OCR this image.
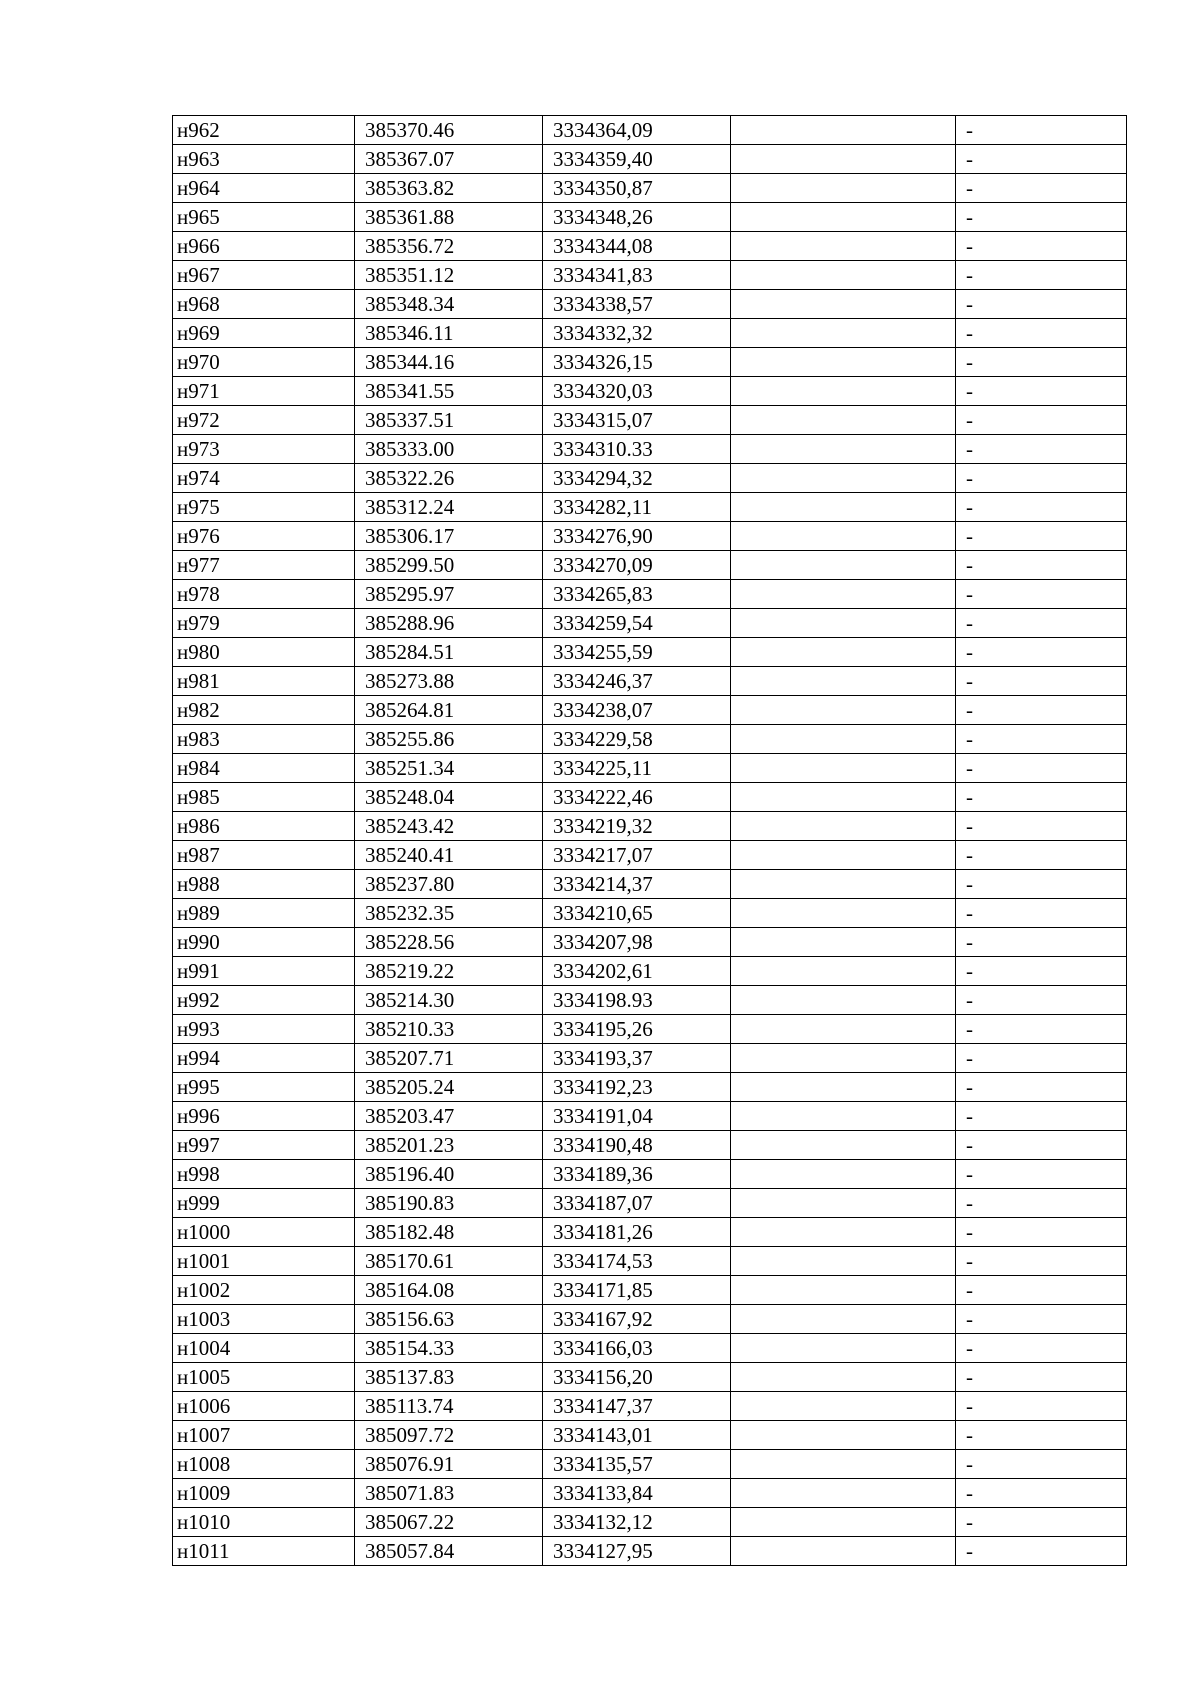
н962	385370.46	3334364,09		-
н963	385367.07	3334359,40		-
н964	385363.82	3334350,87		-
н965	385361.88	3334348,26		-
н966	385356.72	3334344,08		-
н967	385351.12	3334341,83		-
н968	385348.34	3334338,57		-
н969	385346.11	3334332,32		-
н970	385344.16	3334326,15		-
н971	385341.55	3334320,03		-
н972	385337.51	3334315,07		-
н973	385333.00	3334310.33		-
н974	385322.26	3334294,32		-
н975	385312.24	3334282,11		-
н976	385306.17	3334276,90		-
н977	385299.50	3334270,09		-
н978	385295.97	3334265,83		-
н979	385288.96	3334259,54		-
н980	385284.51	3334255,59		-
н981	385273.88	3334246,37		-
н982	385264.81	3334238,07		-
н983	385255.86	3334229,58		-
н984	385251.34	3334225,11		-
н985	385248.04	3334222,46		-
н986	385243.42	3334219,32		-
н987	385240.41	3334217,07		-
н988	385237.80	3334214,37		-
н989	385232.35	3334210,65		-
н990	385228.56	3334207,98		-
н991	385219.22	3334202,61		-
н992	385214.30	3334198.93		-
н993	385210.33	3334195,26		-
н994	385207.71	3334193,37		-
н995	385205.24	3334192,23		-
н996	385203.47	3334191,04		-
н997	385201.23	3334190,48		-
н998	385196.40	3334189,36		-
н999	385190.83	3334187,07		-
н1000	385182.48	3334181,26		-
н1001	385170.61	3334174,53		-
н1002	385164.08	3334171,85		-
н1003	385156.63	3334167,92		-
н1004	385154.33	3334166,03		-
н1005	385137.83	3334156,20		-
н1006	385113.74	3334147,37		-
н1007	385097.72	3334143,01		-
н1008	385076.91	3334135,57		-
н1009	385071.83	3334133,84		-
н1010	385067.22	3334132,12		-
н1011	385057.84	3334127,95		-
